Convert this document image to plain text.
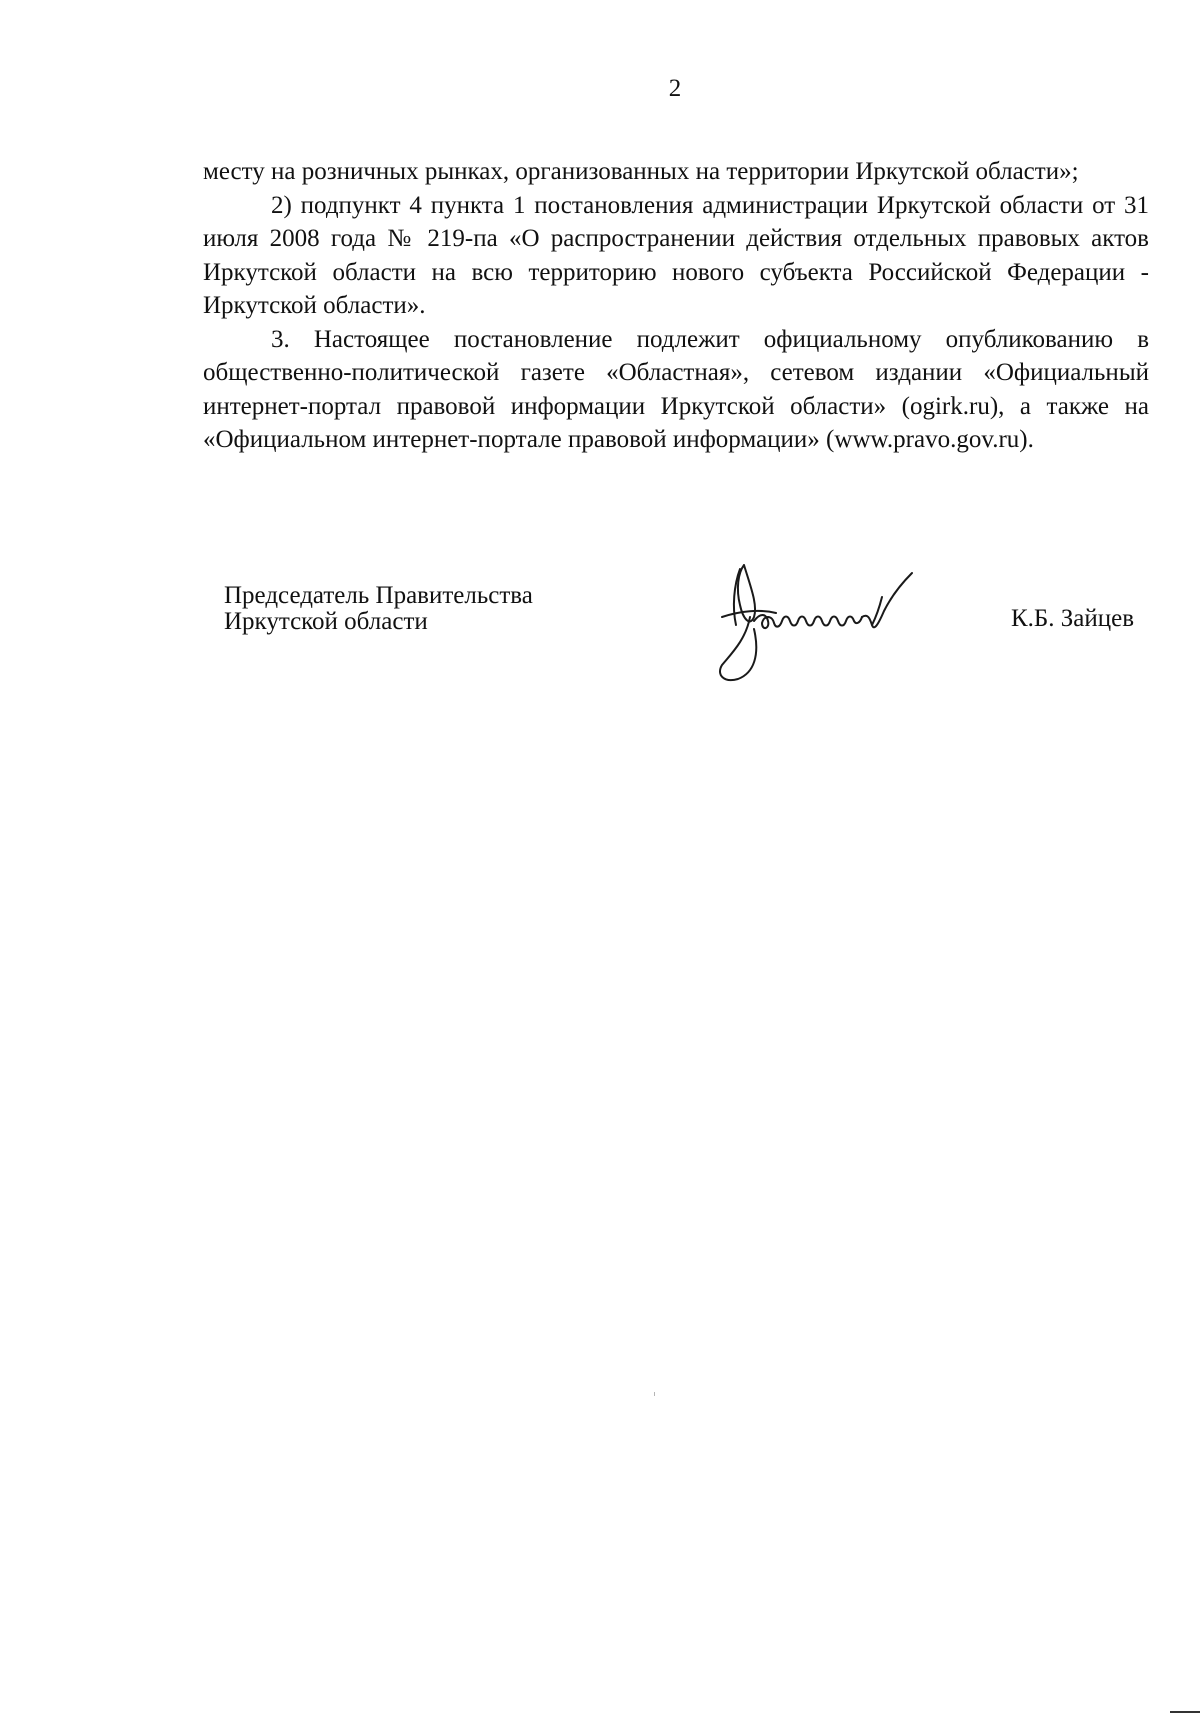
2

месту на розничных рынках, организованных на территории Иркутской области»;

2) подпункт 4 пункта 1 постановления администрации Иркутской области от 31 июля 2008 года № 219-па «О распространении действия отдельных правовых актов Иркутской области на всю территорию нового субъекта Российской Федерации - Иркутской области».

3. Настоящее постановление подлежит официальному опубликованию в общественно-политической газете «Областная», сетевом издании «Официальный интернет-портал правовой информации Иркутской области» (ogirk.ru), а также на «Официальном интернет-портале правовой информации» (www.pravo.gov.ru).

Председатель Правительства
Иркутской области	К.Б. Зайцев
